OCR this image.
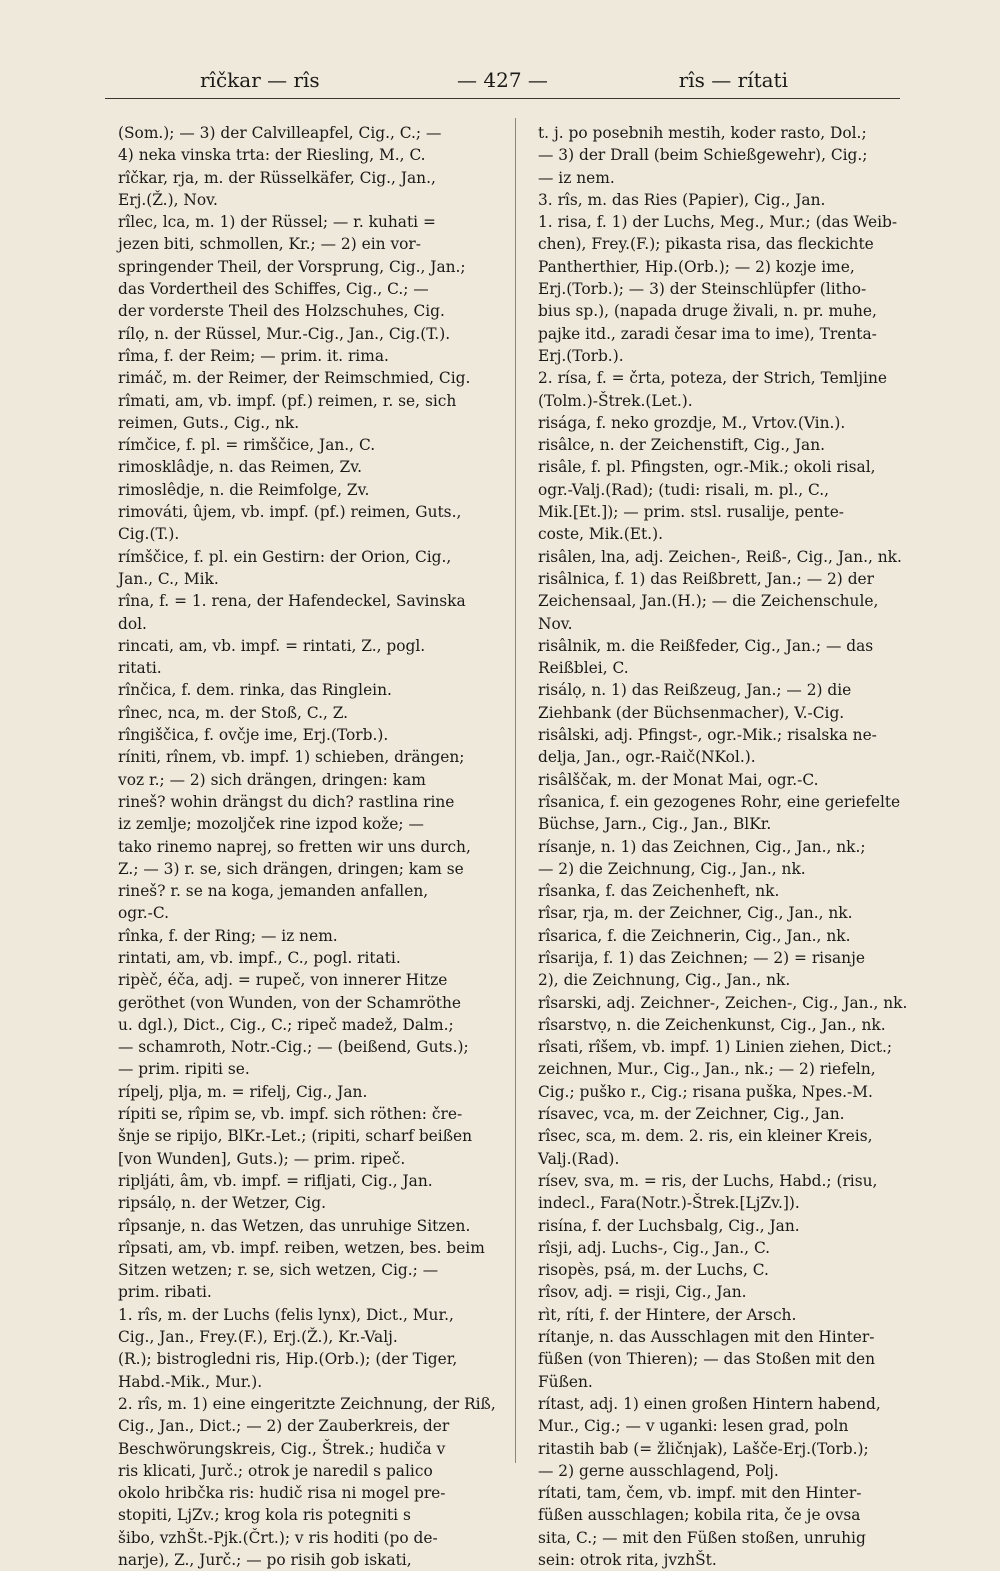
rîčkar — rîs	— 427 —	rîs — rítati

(Som.); — 3) der Calvilleapfel, Cig., C.; —

4) neka vinska trta: der Riesling, M., C.

rîčkar, rja, m. der Rüsselkäfer, Cig., Jan.,

Erj.(Ž.), Nov.

rîlec, lca, m. 1) der Rüssel; — r. kuhati =

jezen biti, schmollen, Kr.; — 2) ein vor-

springender Theil, der Vorsprung, Cig., Jan.;

das Vordertheil des Schiffes, Cig., C.; —

der vorderste Theil des Holzschuhes, Cig.

rílọ, n. der Rüssel, Mur.-Cig., Jan., Cig.(T.).

rîma, f. der Reim; — prim. it. rima.

rimáč, m. der Reimer, der Reimschmied, Cig.

rîmati, am, vb. impf. (pf.) reimen, r. se, sich

reimen, Guts., Cig., nk.

rímčice, f. pl. = rimščice, Jan., C.

rimosklâdje, n. das Reimen, Zv.

rimoslêdje, n. die Reimfolge, Zv.

rimováti, ûjem, vb. impf. (pf.) reimen, Guts.,

Cig.(T.).

rímščice, f. pl. ein Gestirn: der Orion, Cig.,

Jan., C., Mik.

rîna, f. = 1. rena, der Hafendeckel, Savinska

dol.

rincati, am, vb. impf. = rintati, Z., pogl.

ritati.

rînčica, f. dem. rinka, das Ringlein.

rînec, nca, m. der Stoß, C., Z.

rîngiščica, f. ovčje ime, Erj.(Torb.).

ríniti, rînem, vb. impf. 1) schieben, drängen;

voz r.; — 2) sich drängen, dringen: kam

rineš? wohin drängst du dich? rastlina rine

iz zemlje; mozoljček rine izpod kože; —

tako rinemo naprej, so fretten wir uns durch,

Z.; — 3) r. se, sich drängen, dringen; kam se

rineš? r. se na koga, jemanden anfallen,

ogr.-C.

rînka, f. der Ring; — iz nem.

rintati, am, vb. impf., C., pogl. ritati.

ripèč, éča, adj. = rupeč, von innerer Hitze

geröthet (von Wunden, von der Schamröthe

u. dgl.), Dict., Cig., C.; ripeč madež, Dalm.;

— schamroth, Notr.-Cig.; — (beißend, Guts.);

— prim. ripiti se.

rípelj, plja, m. = rifelj, Cig., Jan.

rípiti se, rîpim se, vb. impf. sich röthen: čre-

šnje se ripijo, BlKr.-Let.; (ripiti, scharf beißen

[von Wunden], Guts.); — prim. ripeč.

ripljáti, âm, vb. impf. = rifljati, Cig., Jan.

ripsálọ, n. der Wetzer, Cig.

rîpsanje, n. das Wetzen, das unruhige Sitzen.

rîpsati, am, vb. impf. reiben, wetzen, bes. beim

Sitzen wetzen; r. se, sich wetzen, Cig.; —

prim. ribati.

1. rîs, m. der Luchs (felis lynx), Dict., Mur.,

Cig., Jan., Frey.(F.), Erj.(Ž.), Kr.-Valj.

(R.); bistrogledni ris, Hip.(Orb.); (der Tiger,

Habd.-Mik., Mur.).

2. rîs, m. 1) eine eingeritzte Zeichnung, der Riß,

Cig., Jan., Dict.; — 2) der Zauberkreis, der

Beschwörungskreis, Cig., Štrek.; hudiča v

ris klicati, Jurč.; otrok je naredil s palico

okolo hribčka ris: hudič risa ni mogel pre-

stopiti, LjZv.; krog kola ris potegniti s

šibo, vzhŠt.-Pjk.(Črt.); v ris hoditi (po de-

narje), Z., Jurč.; — po risih gob iskati,

t. j. po posebnih mestih, koder rasto, Dol.;

— 3) der Drall (beim Schießgewehr), Cig.;

— iz nem.

3. rîs, m. das Ries (Papier), Cig., Jan.

1. risa, f. 1) der Luchs, Meg., Mur.; (das Weib-

chen), Frey.(F.); pikasta risa, das fleckichte

Pantherthier, Hip.(Orb.); — 2) kozje ime,

Erj.(Torb.); — 3) der Steinschlüpfer (litho-

bius sp.), (napada druge živali, n. pr. muhe,

pajke itd., zaradi česar ima to ime), Trenta-

Erj.(Torb.).

2. rísa, f. = črta, poteza, der Strich, Temljine

(Tolm.)-Štrek.(Let.).

risága, f. neko grozdje, M., Vrtov.(Vin.).

risâlce, n. der Zeichenstift, Cig., Jan.

risâle, f. pl. Pfingsten, ogr.-Mik.; okoli risal,

ogr.-Valj.(Rad); (tudi: risali, m. pl., C.,

Mik.[Et.]); — prim. stsl. rusalije, pente-

coste, Mik.(Et.).

risâlen, lna, adj. Zeichen-, Reiß-, Cig., Jan., nk.

risâlnica, f. 1) das Reißbrett, Jan.; — 2) der

Zeichensaal, Jan.(H.); — die Zeichenschule,

Nov.

risâlnik, m. die Reißfeder, Cig., Jan.; — das

Reißblei, C.

risálọ, n. 1) das Reißzeug, Jan.; — 2) die

Ziehbank (der Büchsenmacher), V.-Cig.

risâlski, adj. Pfingst-, ogr.-Mik.; risalska ne-

delja, Jan., ogr.-Raič(NKol.).

risâlščak, m. der Monat Mai, ogr.-C.

rîsanica, f. ein gezogenes Rohr, eine geriefelte

Büchse, Jarn., Cig., Jan., BlKr.

rísanje, n. 1) das Zeichnen, Cig., Jan., nk.;

— 2) die Zeichnung, Cig., Jan., nk.

rîsanka, f. das Zeichenheft, nk.

rîsar, rja, m. der Zeichner, Cig., Jan., nk.

rîsarica, f. die Zeichnerin, Cig., Jan., nk.

rîsarija, f. 1) das Zeichnen; — 2) = risanje

2), die Zeichnung, Cig., Jan., nk.

rîsarski, adj. Zeichner-, Zeichen-, Cig., Jan., nk.

rîsarstvọ, n. die Zeichenkunst, Cig., Jan., nk.

rîsati, rîšem, vb. impf. 1) Linien ziehen, Dict.;

zeichnen, Mur., Cig., Jan., nk.; — 2) riefeln,

Cig.; puško r., Cig.; risana puška, Npes.-M.

rísavec, vca, m. der Zeichner, Cig., Jan.

rîsec, sca, m. dem. 2. ris, ein kleiner Kreis,

Valj.(Rad).

rísev, sva, m. = ris, der Luchs, Habd.; (risu,

indecl., Fara(Notr.)-Štrek.[LjZv.]).

risína, f. der Luchsbalg, Cig., Jan.

rîsji, adj. Luchs-, Cig., Jan., C.

risopès, psá, m. der Luchs, C.

rîsov, adj. = risji, Cig., Jan.

rìt, ríti, f. der Hintere, der Arsch.

rítanje, n. das Ausschlagen mit den Hinter-

füßen (von Thieren); — das Stoßen mit den

Füßen.

rítast, adj. 1) einen großen Hintern habend,

Mur., Cig.; — v uganki: lesen grad, poln

ritastih bab (= žličnjak), Lašče-Erj.(Torb.);

— 2) gerne ausschlagend, Polj.

rítati, tam, čem, vb. impf. mit den Hinter-

füßen ausschlagen; kobila rita, če je ovsa

sita, C.; — mit den Füßen stoßen, unruhig

sein: otrok rita, jvzhŠt.
